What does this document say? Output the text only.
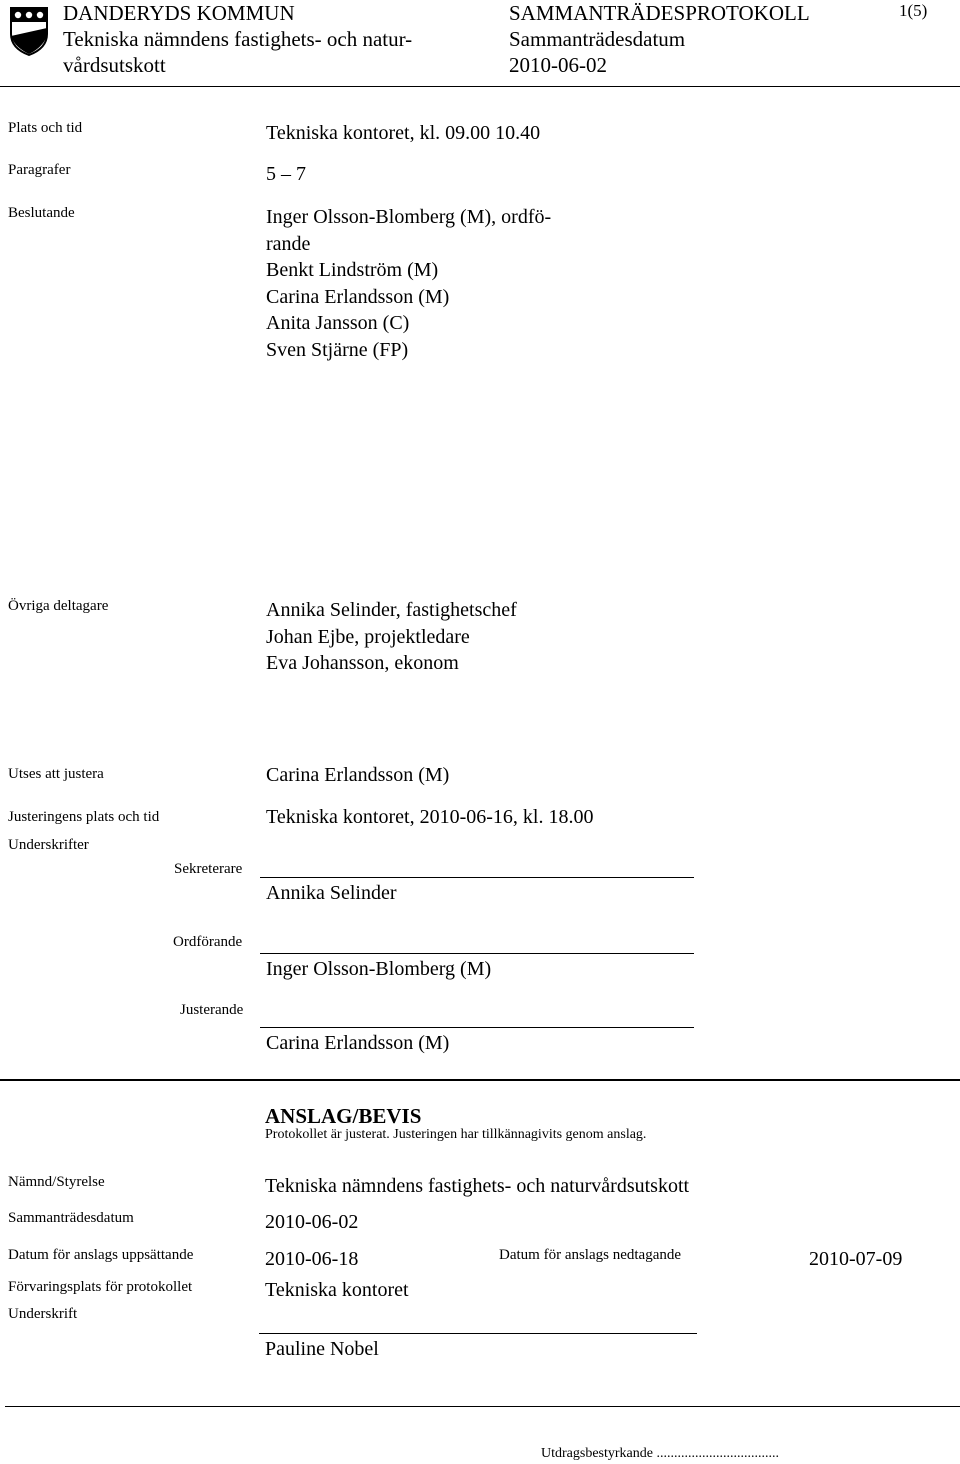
DANDERYDS KOMMUN
Tekniska nämndens fastighets- och natur-
vårdsutskott
SAMMANTRÄDESPROTOKOLL
Sammanträdesdatum
2010-06-02
1(5)
Plats och tid	Tekniska kontoret, kl. 09.00 10.40
Paragrafer	5 – 7
Beslutande	Inger Olsson-Blomberg (M), ordfö-
rande
Benkt Lindström (M)
Carina Erlandsson (M)
Anita Jansson (C)
Sven Stjärne (FP)
Övriga deltagare	Annika Selinder, fastighetschef
Johan Ejbe, projektledare
Eva Johansson, ekonom
Utses att justera	Carina Erlandsson (M)
Justeringens plats och tid	Tekniska kontoret, 2010-06-16, kl. 18.00
Underskrifter
Sekreterare
Annika Selinder
Ordförande
Inger Olsson-Blomberg (M)
Justerande
Carina Erlandsson (M)
ANSLAG/BEVIS
Protokollet är justerat. Justeringen har tillkännagivits genom anslag.
Nämnd/Styrelse	Tekniska nämndens fastighets- och naturvårdsutskott
Sammanträdesdatum	2010-06-02
Datum för anslags uppsättande	2010-06-18	Datum för anslags nedtagande	2010-07-09
Förvaringsplats för protokollet	Tekniska kontoret
Underskrift
Pauline Nobel
Utdragsbestyrkande ...................................
